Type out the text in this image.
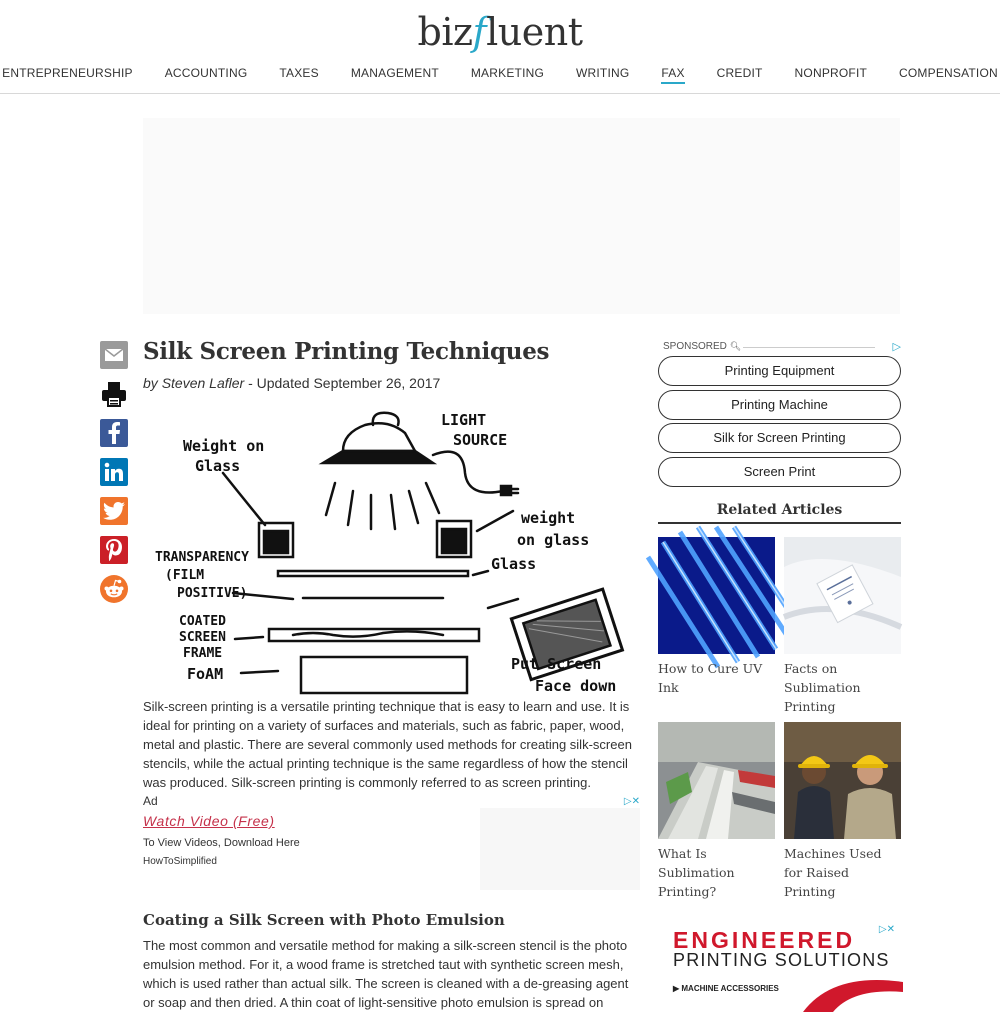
bizfluent
ENTREPRENEURSHIP	ACCOUNTING	TAXES	MANAGEMENT	MARKETING	WRITING	FAX	CREDIT	NONPROFIT	COMPENSATION
Silk Screen Printing Techniques
by Steven Lafler - Updated September 26, 2017
Weight on
Glass
LIGHT
SOURCE
weight
on glass
Glass
TRANSPARENCY
(FILM
POSITIVE)
COATED
SCREEN
FRAME
FoAM
Put Screen
Face down

Silk-screen printing is a versatile printing technique that is easy to learn and use. It is ideal for printing on a variety of surfaces and materials, such as fabric, paper, wood, metal and plastic. There are several commonly used methods for creating silk-screen stencils, while the actual printing technique is the same regardless of how the stencil was produced. Silk-screen printing is commonly referred to as screen printing.

Ad
Watch Video (Free)
To View Videos, Download Here
HowToSimplified
▷✕
Coating a Silk Screen with Photo Emulsion

The most common and versatile method for making a silk-screen stencil is the photo emulsion method. For it, a wood frame is stretched taut with synthetic screen mesh, which is used rather than actual silk. The screen is cleaned with a de-greasing agent or soap and then dried. A thin coat of light-sensitive photo emulsion is spread on

SPONSORED 🔍︎	▷
Printing Equipment
Printing Machine
Silk for Screen Printing
Screen Print
Related Articles
How to Cure UV Ink
Facts on Sublimation Printing
What Is Sublimation Printing?
Machines Used for Raised Printing
ENGINEERED
PRINTING SOLUTIONS
▶ MACHINE ACCESSORIES
▷✕
